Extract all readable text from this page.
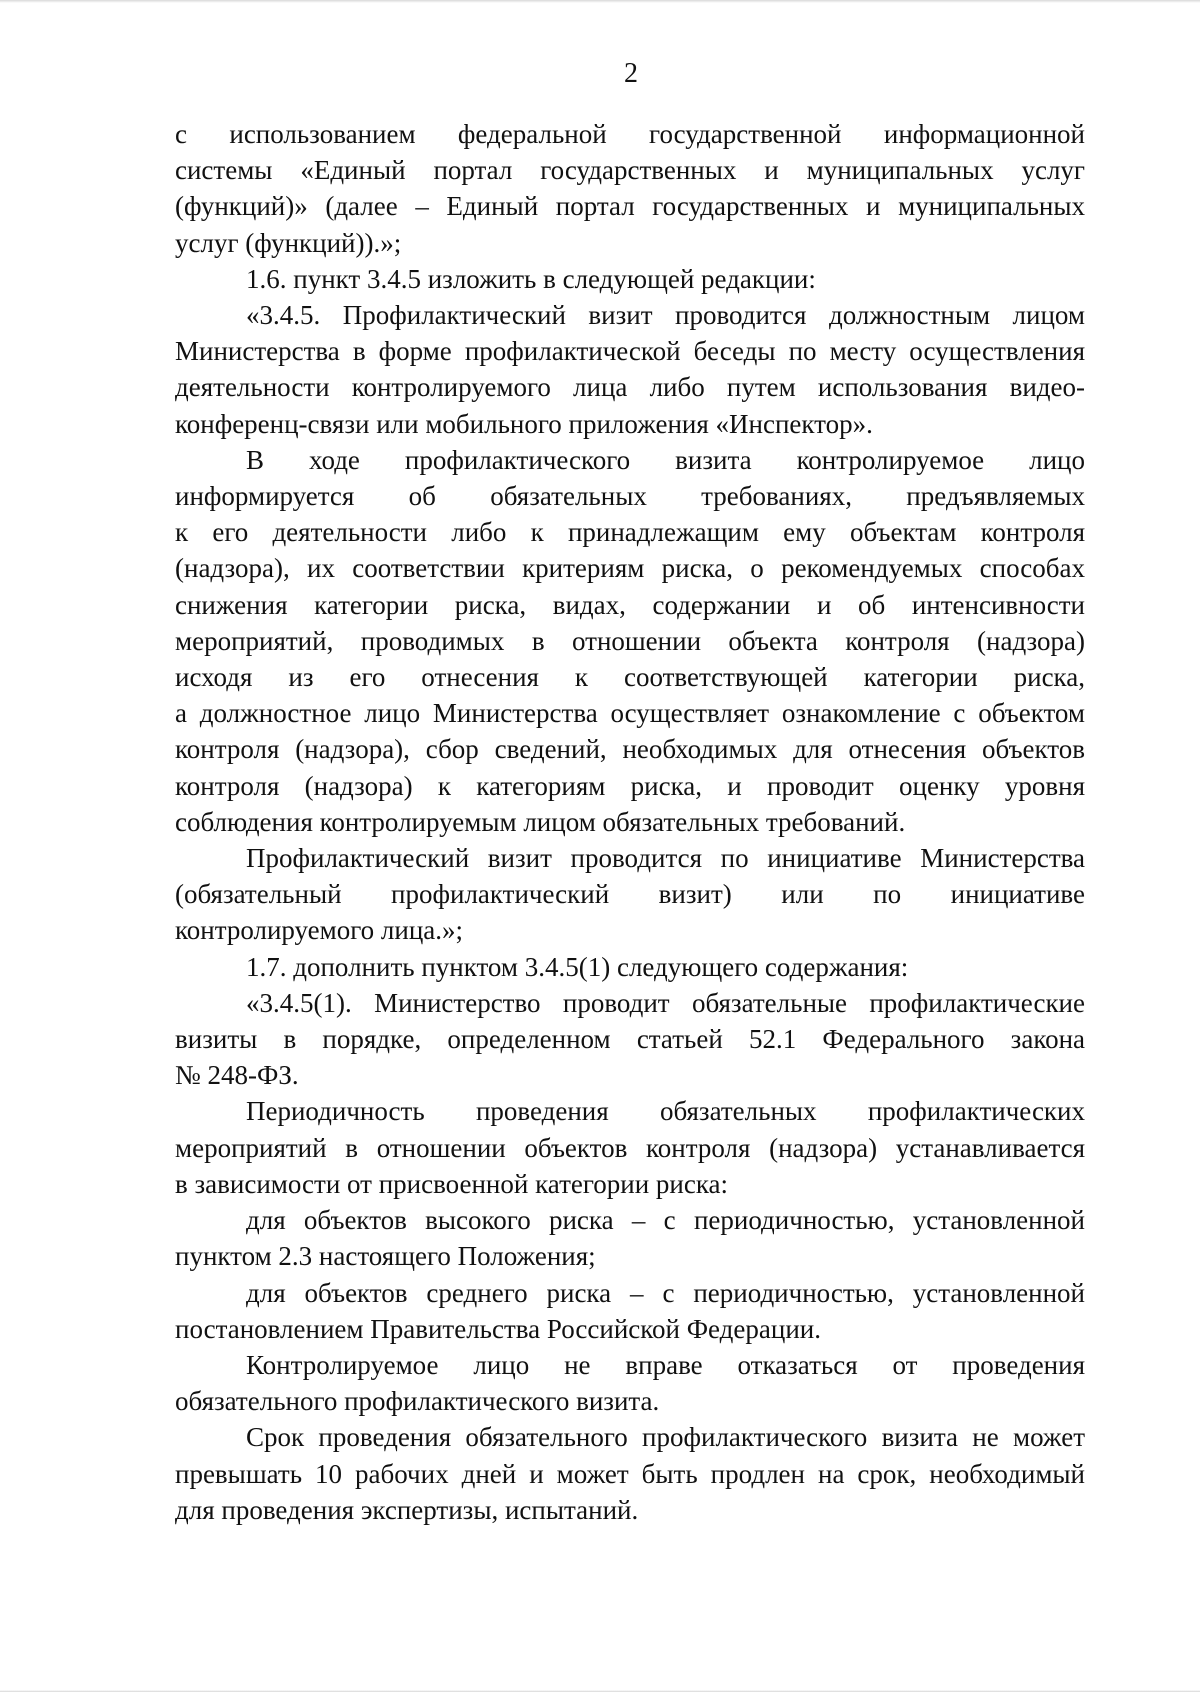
2
с использованием федеральной государственной информационной
системы «Единый портал государственных и муниципальных услуг
(функций)» (далее – Единый портал государственных и муниципальных
услуг (функций)).»;
1.6. пункт 3.4.5 изложить в следующей редакции:
«3.4.5. Профилактический визит проводится должностным лицом
Министерства в форме профилактической беседы по месту осуществления
деятельности контролируемого лица либо путем использования видео-
конференц-связи или мобильного приложения «Инспектор».
В ходе профилактического визита контролируемое лицо
информируется об обязательных требованиях, предъявляемых
к его деятельности либо к принадлежащим ему объектам контроля
(надзора), их соответствии критериям риска, о рекомендуемых способах
снижения категории риска, видах, содержании и об интенсивности
мероприятий, проводимых в отношении объекта контроля (надзора)
исходя из его отнесения к соответствующей категории риска,
а должностное лицо Министерства осуществляет ознакомление с объектом
контроля (надзора), сбор сведений, необходимых для отнесения объектов
контроля (надзора) к категориям риска, и проводит оценку уровня
соблюдения контролируемым лицом обязательных требований.
Профилактический визит проводится по инициативе Министерства
(обязательный профилактический визит) или по инициативе
контролируемого лица.»;
1.7. дополнить пунктом 3.4.5(1) следующего содержания:
«3.4.5(1). Министерство проводит обязательные профилактические
визиты в порядке, определенном статьей 52.1 Федерального закона
№ 248-ФЗ.
Периодичность проведения обязательных профилактических
мероприятий в отношении объектов контроля (надзора) устанавливается
в зависимости от присвоенной категории риска:
для объектов высокого риска – с периодичностью, установленной
пунктом 2.3 настоящего Положения;
для объектов среднего риска – с периодичностью, установленной
постановлением Правительства Российской Федерации.
Контролируемое лицо не вправе отказаться от проведения
обязательного профилактического визита.
Срок проведения обязательного профилактического визита не может
превышать 10 рабочих дней и может быть продлен на срок, необходимый
для проведения экспертизы, испытаний.
